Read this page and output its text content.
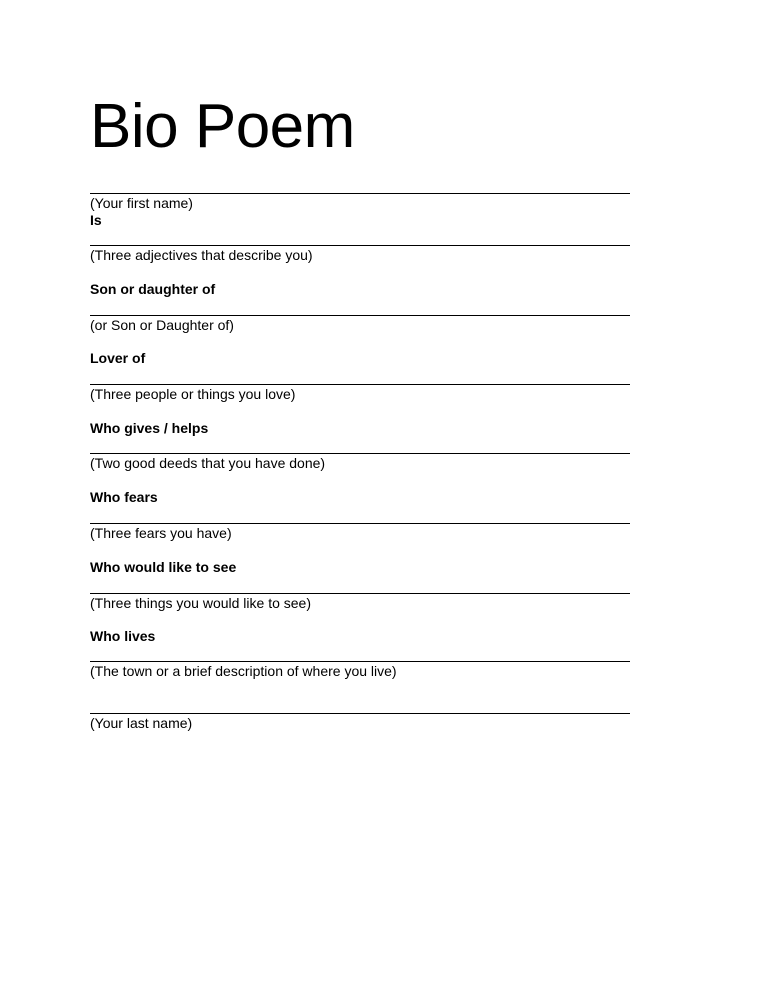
Bio Poem
(Your first name)
Is
(Three adjectives that describe you)
Son or daughter of
(or Son or Daughter of)
Lover of
(Three people or things you love)
Who gives / helps
(Two good deeds that you have done)
Who fears
(Three fears you have)
Who would like to see
(Three things you would like to see)
Who lives
(The town or a brief description of where you live)
(Your last name)
